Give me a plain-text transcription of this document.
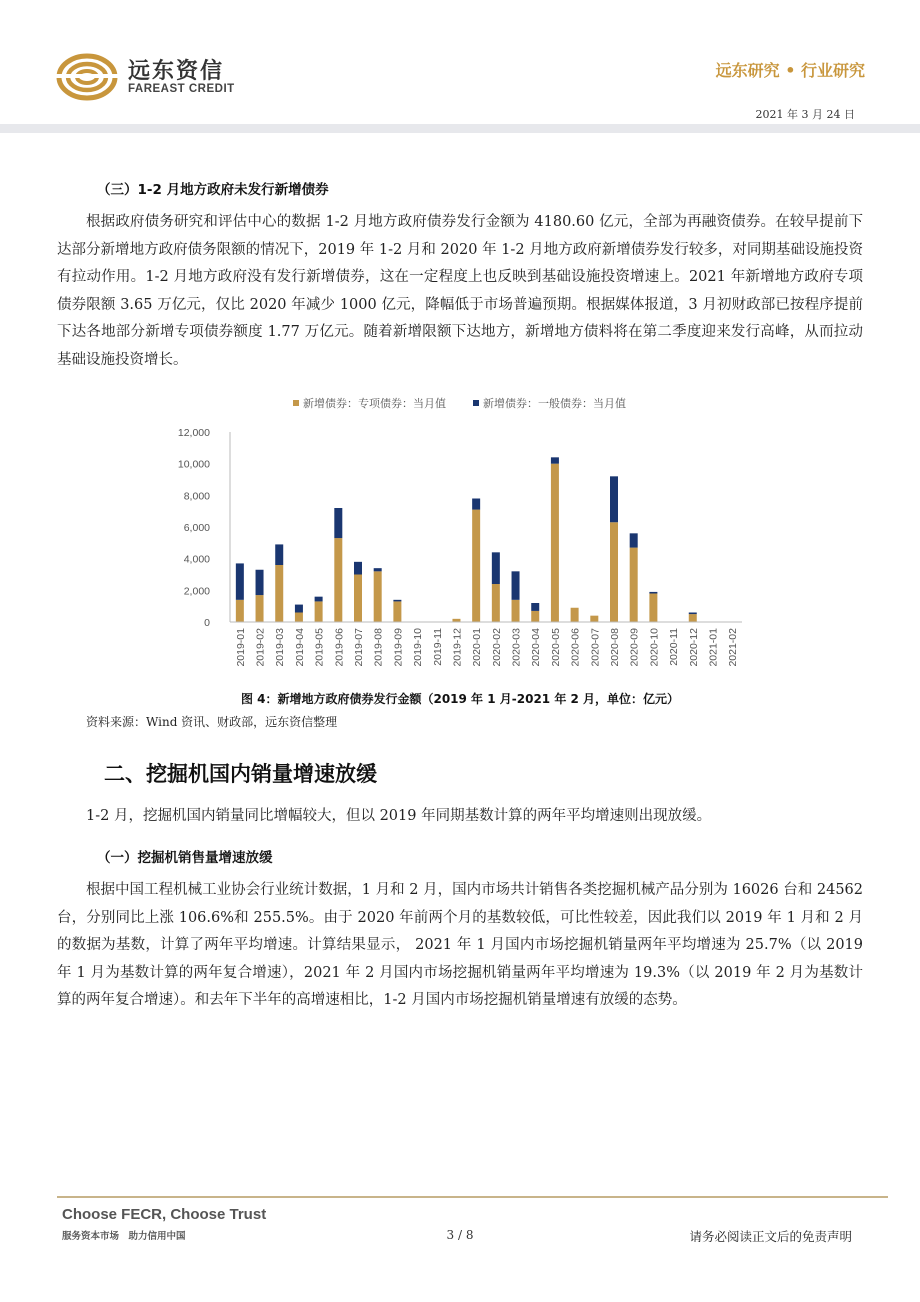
远东资信
FAREAST CREDIT
远东研究 • 行业研究
2021 年 3 月 24 日
（三）1-2 月地方政府未发行新增债券
根据政府债务研究和评估中心的数据 1-2 月地方政府债券发行金额为 4180.60 亿元，全部为再融资债券。在较早提前下达部分新增地方政府债务限额的情况下，2019 年 1-2 月和 2020 年 1-2 月地方政府新增债券发行较多，对同期基础设施投资有拉动作用。1-2 月地方政府没有发行新增债券，这在一定程度上也反映到基础设施投资增速上。2021 年新增地方政府专项债券限额 3.65 万亿元，仅比 2020 年减少 1000 亿元，降幅低于市场普遍预期。根据媒体报道，3 月初财政部已按程序提前下达各地部分新增专项债券额度 1.77 万亿元。随着新增限额下达地方，新增地方债料将在第二季度迎来发行高峰，从而拉动基础设施投资增长。
新增债券：专项债券：当月值	新增债券：一般债券：当月值
0
2,000
4,000
6,000
8,000
10,000
12,000
2019-01 2019-02 2019-03 2019-04 2019-05 2019-06 2019-07 2019-08 2019-09 2019-10 2019-11 2019-12 2020-01 2020-02 2020-03 2020-04 2020-05 2020-06 2020-07 2020-08 2020-09 2020-10 2020-11 2020-12 2021-01 2021-02
图 4：新增地方政府债券发行金额（2019 年 1 月-2021 年 2 月，单位：亿元）
资料来源：Wind 资讯、财政部，远东资信整理
二、挖掘机国内销量增速放缓
1-2 月，挖掘机国内销量同比增幅较大，但以 2019 年同期基数计算的两年平均增速则出现放缓。
（一）挖掘机销售量增速放缓
根据中国工程机械工业协会行业统计数据，1 月和 2 月，国内市场共计销售各类挖掘机械产品分别为 16026 台和 24562 台，分别同比上涨 106.6%和 255.5%。由于 2020 年前两个月的基数较低，可比性较差，因此我们以 2019 年 1 月和 2 月的数据为基数，计算了两年平均增速。计算结果显示， 2021 年 1 月国内市场挖掘机销量两年平均增速为 25.7%（以 2019 年 1 月为基数计算的两年复合增速），2021 年 2 月国内市场挖掘机销量两年平均增速为 19.3%（以 2019 年 2 月为基数计算的两年复合增速）。和去年下半年的高增速相比，1-2 月国内市场挖掘机销量增速有放缓的态势。
Choose FECR, Choose Trust
服务资本市场　助力信用中国	3 / 8	请务必阅读正文后的免责声明
